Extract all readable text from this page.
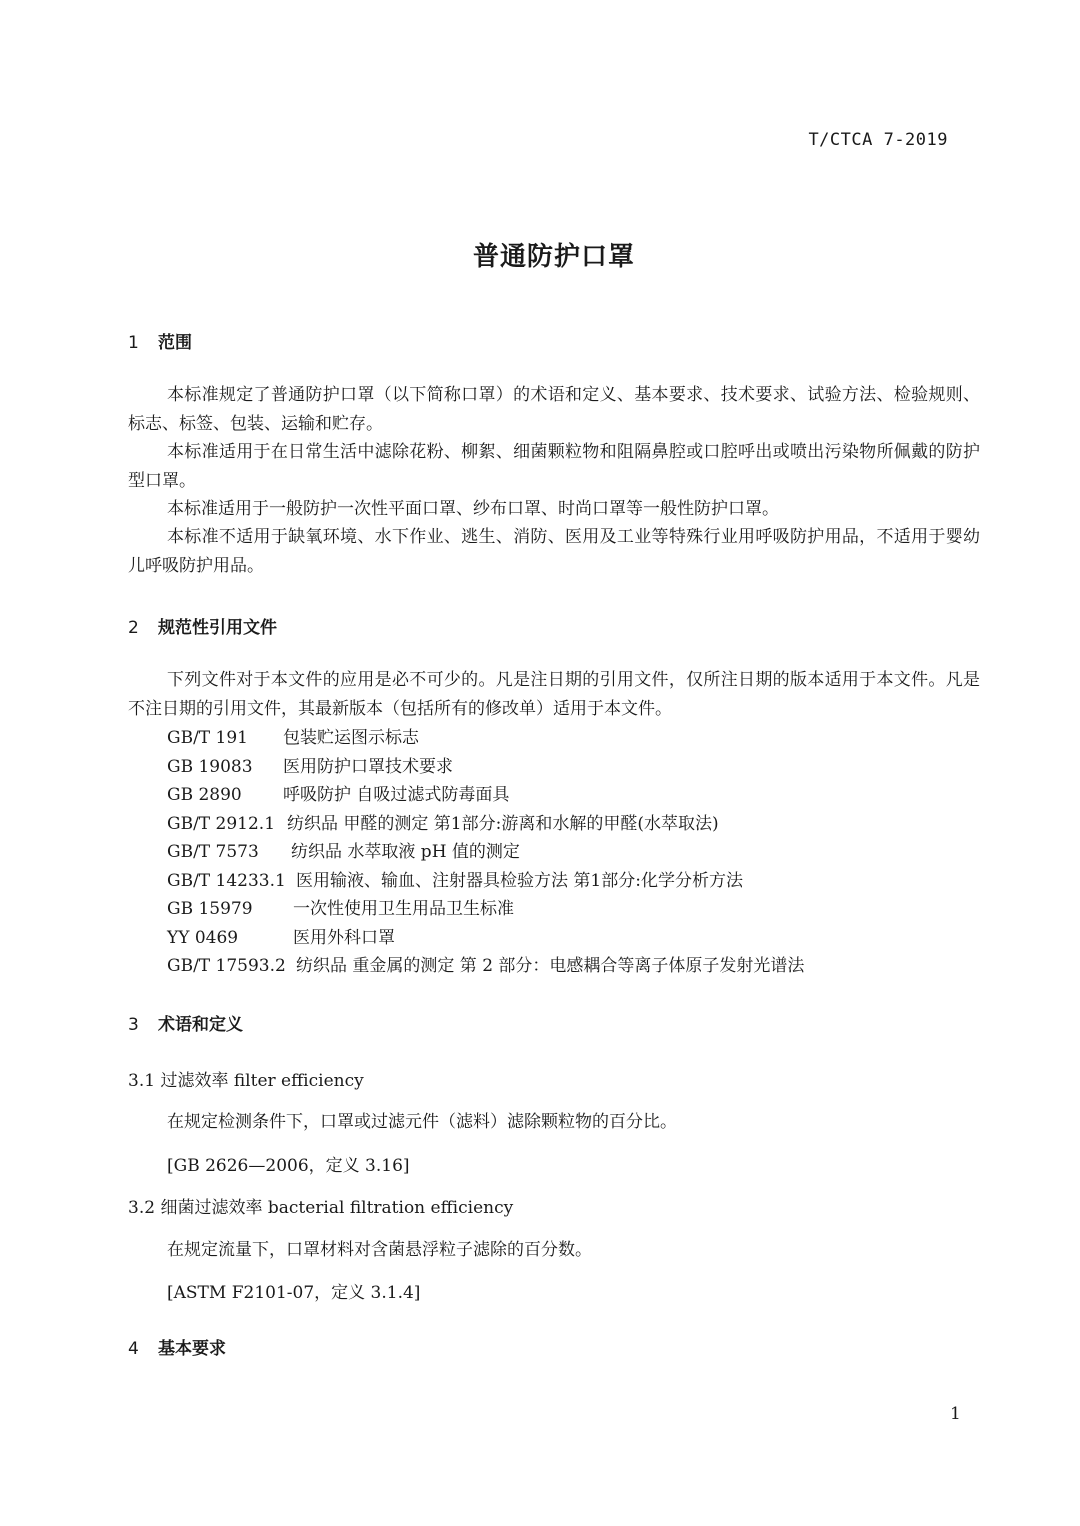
T/CTCA 7-2019
普通防护口罩
1 范围
本标准规定了普通防护口罩（以下简称口罩）的术语和定义、基本要求、技术要求、试验方法、检验规则、标志、标签、包装、运输和贮存。
本标准适用于在日常生活中滤除花粉、柳絮、细菌颗粒物和阻隔鼻腔或口腔呼出或喷出污染物所佩戴的防护型口罩。
本标准适用于一般防护一次性平面口罩、纱布口罩、时尚口罩等一般性防护口罩。
本标准不适用于缺氧环境、水下作业、逃生、消防、医用及工业等特殊行业用呼吸防护用品，不适用于婴幼儿呼吸防护用品。
2 规范性引用文件
下列文件对于本文件的应用是必不可少的。凡是注日期的引用文件，仅所注日期的版本适用于本文件。凡是不注日期的引用文件，其最新版本（包括所有的修改单）适用于本文件。
GB/T 191	包装贮运图示标志
GB 19083	医用防护口罩技术要求
GB 2890	呼吸防护 自吸过滤式防毒面具
GB/T 2912.1 纺织品 甲醛的测定 第1部分:游离和水解的甲醛(水萃取法)
GB/T 7573	纺织品 水萃取液 pH 值的测定
GB/T 14233.1 医用输液、输血、注射器具检验方法 第1部分:化学分析方法
GB 15979	一次性使用卫生用品卫生标准
YY 0469	医用外科口罩
GB/T 17593.2 纺织品 重金属的测定 第 2 部分：电感耦合等离子体原子发射光谱法
3 术语和定义
3.1 过滤效率 filter efficiency
在规定检测条件下，口罩或过滤元件（滤料）滤除颗粒物的百分比。
[GB 2626—2006，定义 3.16]
3.2 细菌过滤效率 bacterial filtration efficiency
在规定流量下，口罩材料对含菌悬浮粒子滤除的百分数。
[ASTM F2101-07，定义 3.1.4]
4 基本要求
1
